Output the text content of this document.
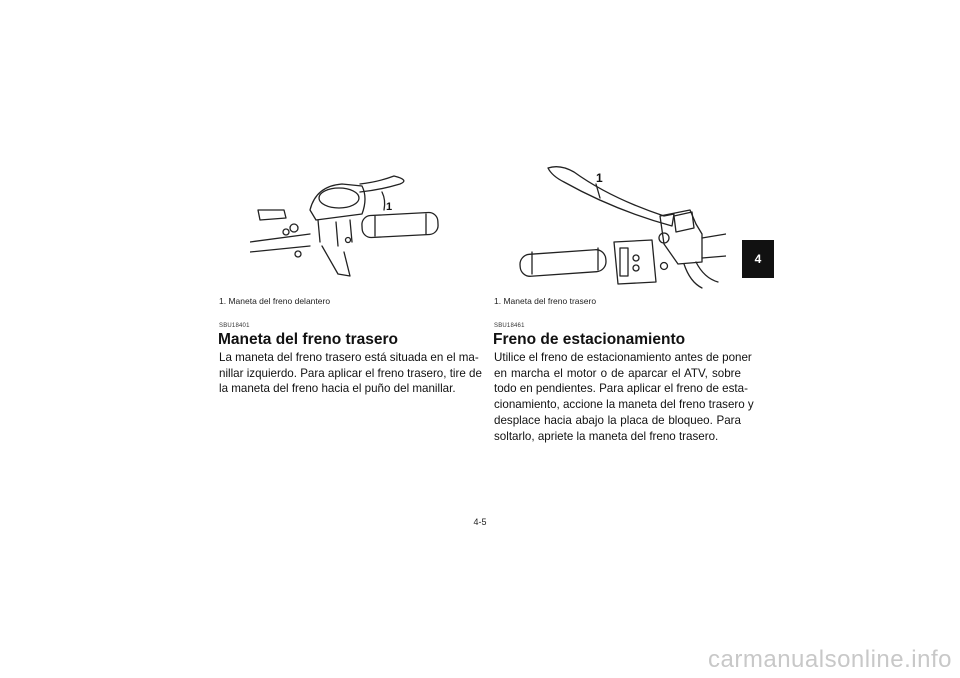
1
1. Maneta del freno delantero
SBU18401
Maneta del freno trasero
La maneta del freno trasero está situada en el ma-
nillar izquierdo. Para aplicar el freno trasero, tire de
la maneta del freno hacia el puño del manillar.
1
1. Maneta del freno trasero
SBU18461
Freno de estacionamiento
Utilice el freno de estacionamiento antes de poner
en marcha el motor o de aparcar el ATV, sobre
todo en pendientes. Para aplicar el freno de esta-
cionamiento, accione la maneta del freno trasero y
desplace hacia abajo la placa de bloqueo. Para
soltarlo, apriete la maneta del freno trasero.
4
4-5
carmanualsonline.info
